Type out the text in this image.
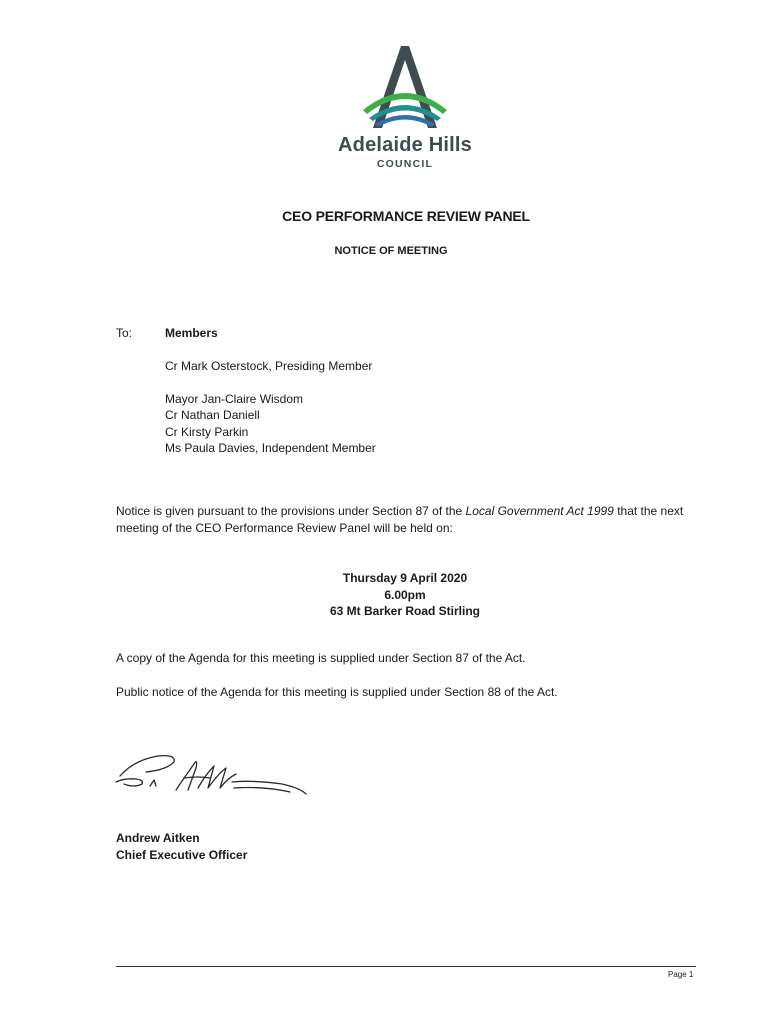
Adelaide Hills
COUNCIL
CEO PERFORMANCE REVIEW PANEL
NOTICE OF MEETING
To:	Members
Cr Mark Osterstock, Presiding Member
Mayor Jan-Claire Wisdom
Cr Nathan Daniell
Cr Kirsty Parkin
Ms Paula Davies, Independent Member
Notice is given pursuant to the provisions under Section 87 of the Local Government Act 1999 that the next meeting of the CEO Performance Review Panel will be held on:
Thursday 9 April 2020
6.00pm
63 Mt Barker Road Stirling
A copy of the Agenda for this meeting is supplied under Section 87 of the Act.
Public notice of the Agenda for this meeting is supplied under Section 88 of the Act.
Andrew Aitken
Chief Executive Officer
Page 1
